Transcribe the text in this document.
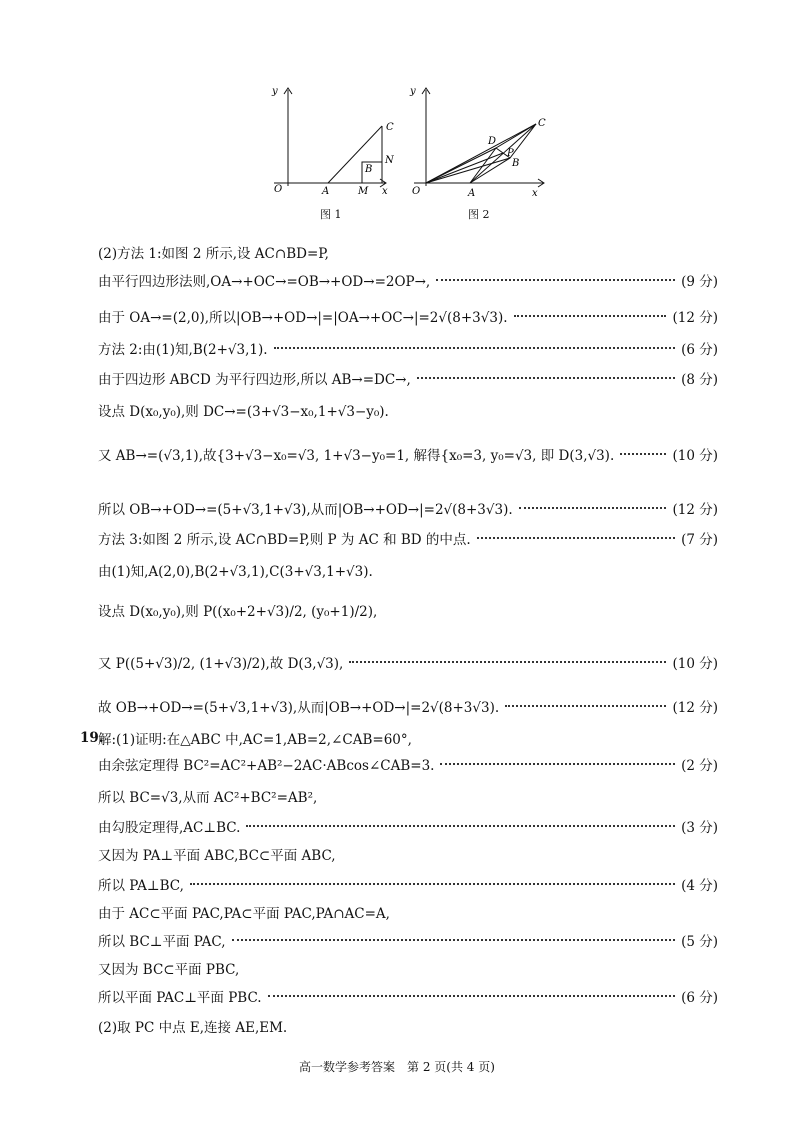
y
O	A	M x
B
N
C
图 1
y
O	A	x
B
C
D
P
图 2
(2)方法 1:如图 2 所示,设 AC∩BD=P,
由平行四边形法则,OA→+OC→=OB→+OD→=2OP→,	(9 分)
由于 OA→=(2,0),所以|OB→+OD→|=|OA→+OC→|=2√(8+3√3).	(12 分)
方法 2:由(1)知,B(2+√3,1).	(6 分)
由于四边形 ABCD 为平行四边形,所以 AB→=DC→,	(8 分)
设点 D(x₀,y₀),则 DC→=(3+√3−x₀,1+√3−y₀).
又 AB→=(√3,1),故{3+√3−x₀=√3, 1+√3−y₀=1, 解得{x₀=3, y₀=√3, 即 D(3,√3).	(10 分)
所以 OB→+OD→=(5+√3,1+√3),从而|OB→+OD→|=2√(8+3√3).	(12 分)
方法 3:如图 2 所示,设 AC∩BD=P,则 P 为 AC 和 BD 的中点.	(7 分)
由(1)知,A(2,0),B(2+√3,1),C(3+√3,1+√3).
设点 D(x₀,y₀),则 P((x₀+2+√3)/2, (y₀+1)/2),
又 P((5+√3)/2, (1+√3)/2),故 D(3,√3),	(10 分)
故 OB→+OD→=(5+√3,1+√3),从而|OB→+OD→|=2√(8+3√3).	(12 分)
19.
解:(1)证明:在△ABC 中,AC=1,AB=2,∠CAB=60°,
由余弦定理得 BC²=AC²+AB²−2AC·ABcos∠CAB=3.	(2 分)
所以 BC=√3,从而 AC²+BC²=AB²,
由勾股定理得,AC⊥BC.	(3 分)
又因为 PA⊥平面 ABC,BC⊂平面 ABC,
所以 PA⊥BC,	(4 分)
由于 AC⊂平面 PAC,PA⊂平面 PAC,PA∩AC=A,
所以 BC⊥平面 PAC,	(5 分)
又因为 BC⊂平面 PBC,
所以平面 PAC⊥平面 PBC.	(6 分)
(2)取 PC 中点 E,连接 AE,EM.
高一数学参考答案　第 2 页(共 4 页)
